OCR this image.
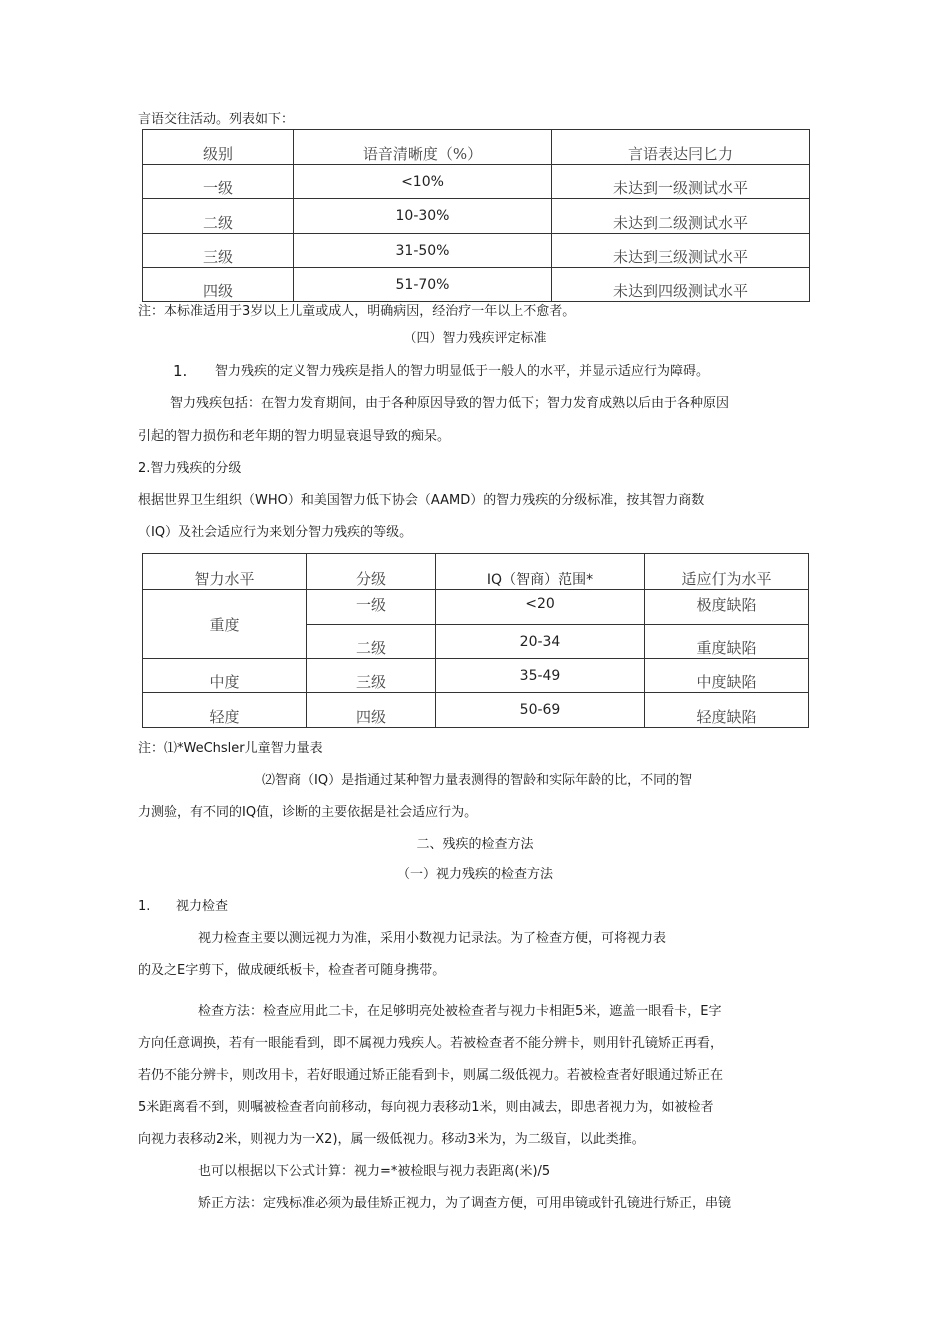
言语交往活动。列表如下：
级别	语音清晰度（%）	言语表达冃匕力
一级	<10%	未达到一级测试水平
二级	10-30%	未达到二级测试水平
三级	31-50%	未达到三级测试水平
四级	51-70%	未达到四级测试水平
注：本标准适用于3岁以上儿童或成人，明确病因，经治疗一年以上不愈者。
（四）智力残疾评定标准
1. 智力残疾的定义智力残疾是指人的智力明显低于一般人的水平，并显示适应行为障碍。
智力残疾包括：在智力发育期间，由于各种原因导致的智力低下；智力发育成熟以后由于各种原因
引起的智力损伤和老年期的智力明显衰退导致的痴呆。
2.智力残疾的分级
根据世界卫生组织（WHO）和美国智力低下协会（AAMD）的智力残疾的分级标准，按其智力商数
（IQ）及社会适应行为来划分智力残疾的等级。
智力水平	分级	IQ（智商）范围*	适应仃为水平
重度	一级	<20	极度缺陷
	二级	20-34	重度缺陷
中度	三级	35-49	中度缺陷
轻度	四级	50-69	轻度缺陷
注：⑴*WeChsler儿童智力量表
⑵智商（IQ）是指通过某种智力量表测得的智龄和实际年龄的比，不同的智
力测验，有不同的IQ值，诊断的主要依据是社会适应行为。
二、残疾的检查方法
（一）视力残疾的检查方法
1. 视力检查
视力检查主要以测远视力为准，采用小数视力记录法。为了检查方便，可将视力表
的及之E字剪下，做成硬纸板卡，检查者可随身携带。
检查方法：检查应用此二卡，在足够明亮处被检查者与视力卡相距5米，遮盖一眼看卡，E字
方向任意调换，若有一眼能看到，即不属视力残疾人。若被检查者不能分辨卡，则用针孔镜矫正再看，
若仍不能分辨卡，则改用卡，若好眼通过矫正能看到卡，则属二级低视力。若被检查者好眼通过矫正在
5米距离看不到，则嘱被检查者向前移动，每向视力表移动1米，则由减去，即患者视力为，如被检者
向视力表移动2米，则视力为一X2)，属一级低视力。移动3米为，为二级盲，以此类推。
也可以根据以下公式计算：视力=*被检眼与视力表距离(米)/5
矫正方法：定残标准必须为最佳矫正视力，为了调查方便，可用串镜或针孔镜进行矫正，串镜
